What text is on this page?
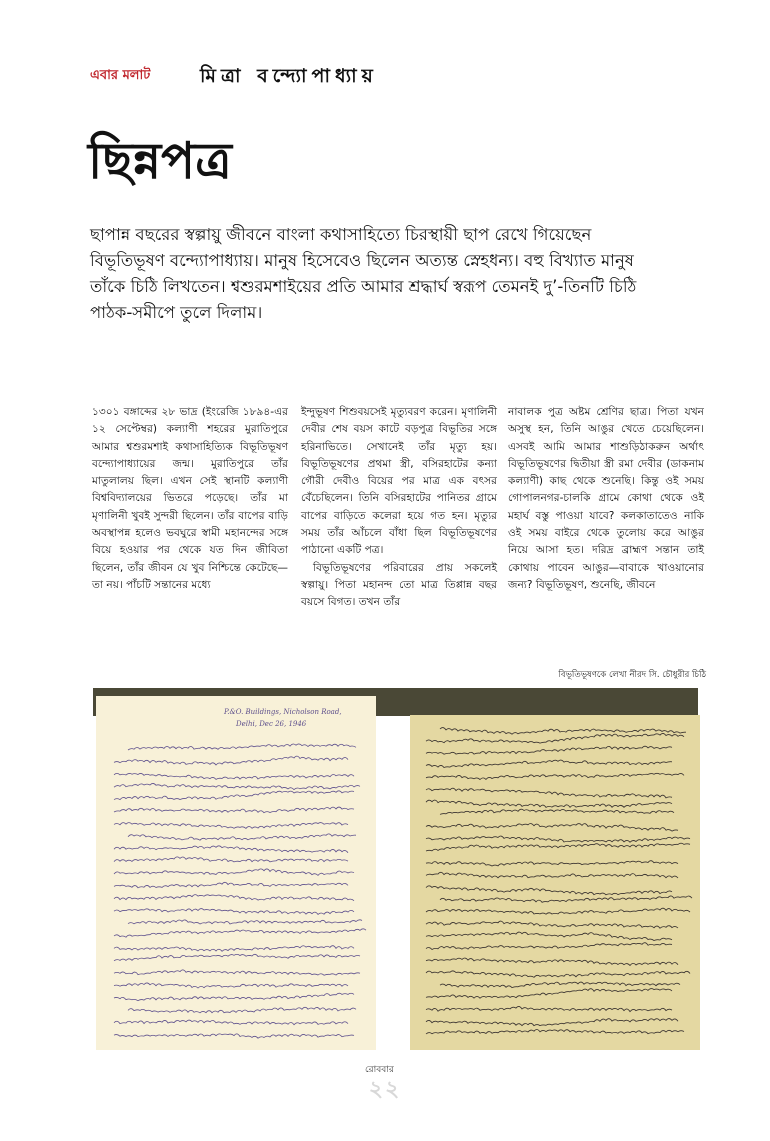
এবার মলাট	মিত্রা বন্দ্যোপাধ্যায়
ছিন্নপত্র

ছাপান্ন বছরের স্বল্পায়ু জীবনে বাংলা কথাসাহিত্যে চিরস্থায়ী ছাপ রেখে গিয়েছেন বিভূতিভূষণ বন্দ্যোপাধ্যায়। মানুষ হিসেবেও ছিলেন অত্যন্ত স্নেহধন্য। বহু বিখ্যাত মানুষ তাঁকে চিঠি লিখতেন। শ্বশুরমশাইয়ের প্রতি আমার শ্রদ্ধার্ঘ স্বরূপ তেমনই দু’-তিনটি চিঠি পাঠক-সমীপে তুলে দিলাম।

১৩০১ বঙ্গাব্দের ২৮ ভাদ্র (ইংরেজি ১৮৯৪-এর ১২ সেপ্টেম্বর) কল্যাণী শহরের মুরাতিপুরে আমার শ্বশুরমশাই কথাসাহিত্যিক বিভূতিভূষণ বন্দ্যোপাধ্যায়ের জন্ম। মুরাতিপুরে তাঁর মাতুলালয় ছিল। এখন সেই স্থানটি কল্যাণী বিশ্ববিদ্যালয়ের ভিতরে পড়েছে। তাঁর মা মৃণালিনী খুবই সুন্দরী ছিলেন। তাঁর বাপের বাড়ি অবস্থাপন্ন হলেও ভবঘুরে স্বামী মহানন্দের সঙ্গে বিয়ে হওয়ার পর থেকে যত দিন জীবিতা ছিলেন, তাঁর জীবন যে খুব নিশ্চিন্তে কেটেছে—তা নয়। পাঁচটি সন্তানের মধ্যে

ইন্দুভূষণ শিশুবয়সেই মৃত্যুবরণ করেন। মৃণালিনী দেবীর শেষ বয়স কাটে বড়পুত্র বিভূতির সঙ্গে হরিনাভিতে। সেখানেই তাঁর মৃত্যু হয়। বিভূতিভূষণের প্রথমা স্ত্রী, বসিরহাটের কন্যা গৌরী দেবীও বিয়ের পর মাত্র এক বৎসর বেঁচেছিলেন। তিনি বসিরহাটের পানিতর গ্রামে বাপের বাড়িতে কলেরা হয়ে গত হন। মৃত্যুর সময় তাঁর আঁচলে বাঁধা ছিল বিভূতিভূষণের পাঠানো একটি পত্র।

বিভূতিভূষণের পরিবারের প্রায় সকলেই স্বল্পায়ু। পিতা মহানন্দ তো মাত্র তিপ্পান্ন বছর বয়সে বিগত। তখন তাঁর

নাবালক পুত্র অষ্টম শ্রেণির ছাত্র। পিতা যখন অসুস্থ হন, তিনি আঙুর খেতে চেয়েছিলেন। এসবই আমি আমার শাশুড়িঠাকরুন অর্থাৎ বিভূতিভূষণের দ্বিতীয়া স্ত্রী রমা দেবীর (ডাকনাম কল্যাণী) কাছ থেকে শুনেছি। কিন্তু ওই সময় গোপালনগর-চালকি গ্রামে কোথা থেকে ওই মহার্ঘ বস্তু পাওয়া যাবে? কলকাতাতেও নাকি ওই সময় বাইরে থেকে তুলোয় করে আঙুর নিয়ে আসা হত। দরিদ্র ব্রাহ্মণ সন্তান তাই কোথায় পাবেন আঙুর—বাবাকে খাওয়ানোর জন্য? বিভূতিভূষণ, শুনেছি, জীবনে

বিভূতিভূষণকে লেখা নীরদ সি. চৌধুরীর চিঠি
P.&O. Buildings, Nicholson Road,
Delhi, Dec 26, 1946
রোববার
২২
